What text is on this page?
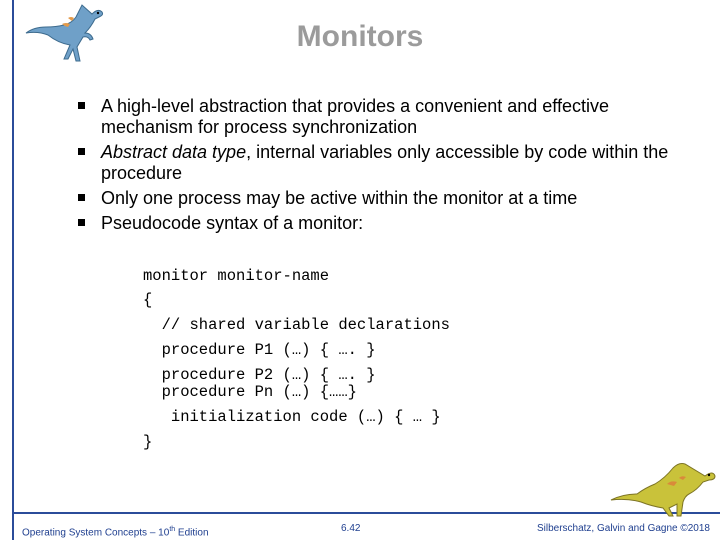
Monitors
A high-level abstraction that provides a convenient and effective mechanism for process synchronization
Abstract data type, internal variables only accessible by code within the procedure
Only one process may be active within the monitor at a time
Pseudocode syntax of a monitor:

monitor monitor-name

{

// shared variable declarations

procedure P1 (…) { …. }

procedure P2 (…) { …. }

procedure Pn (…) {……}

initialization code (…) { … }

}

Operating System Concepts – 10th Edition	6.42	Silberschatz, Galvin and Gagne ©2018
